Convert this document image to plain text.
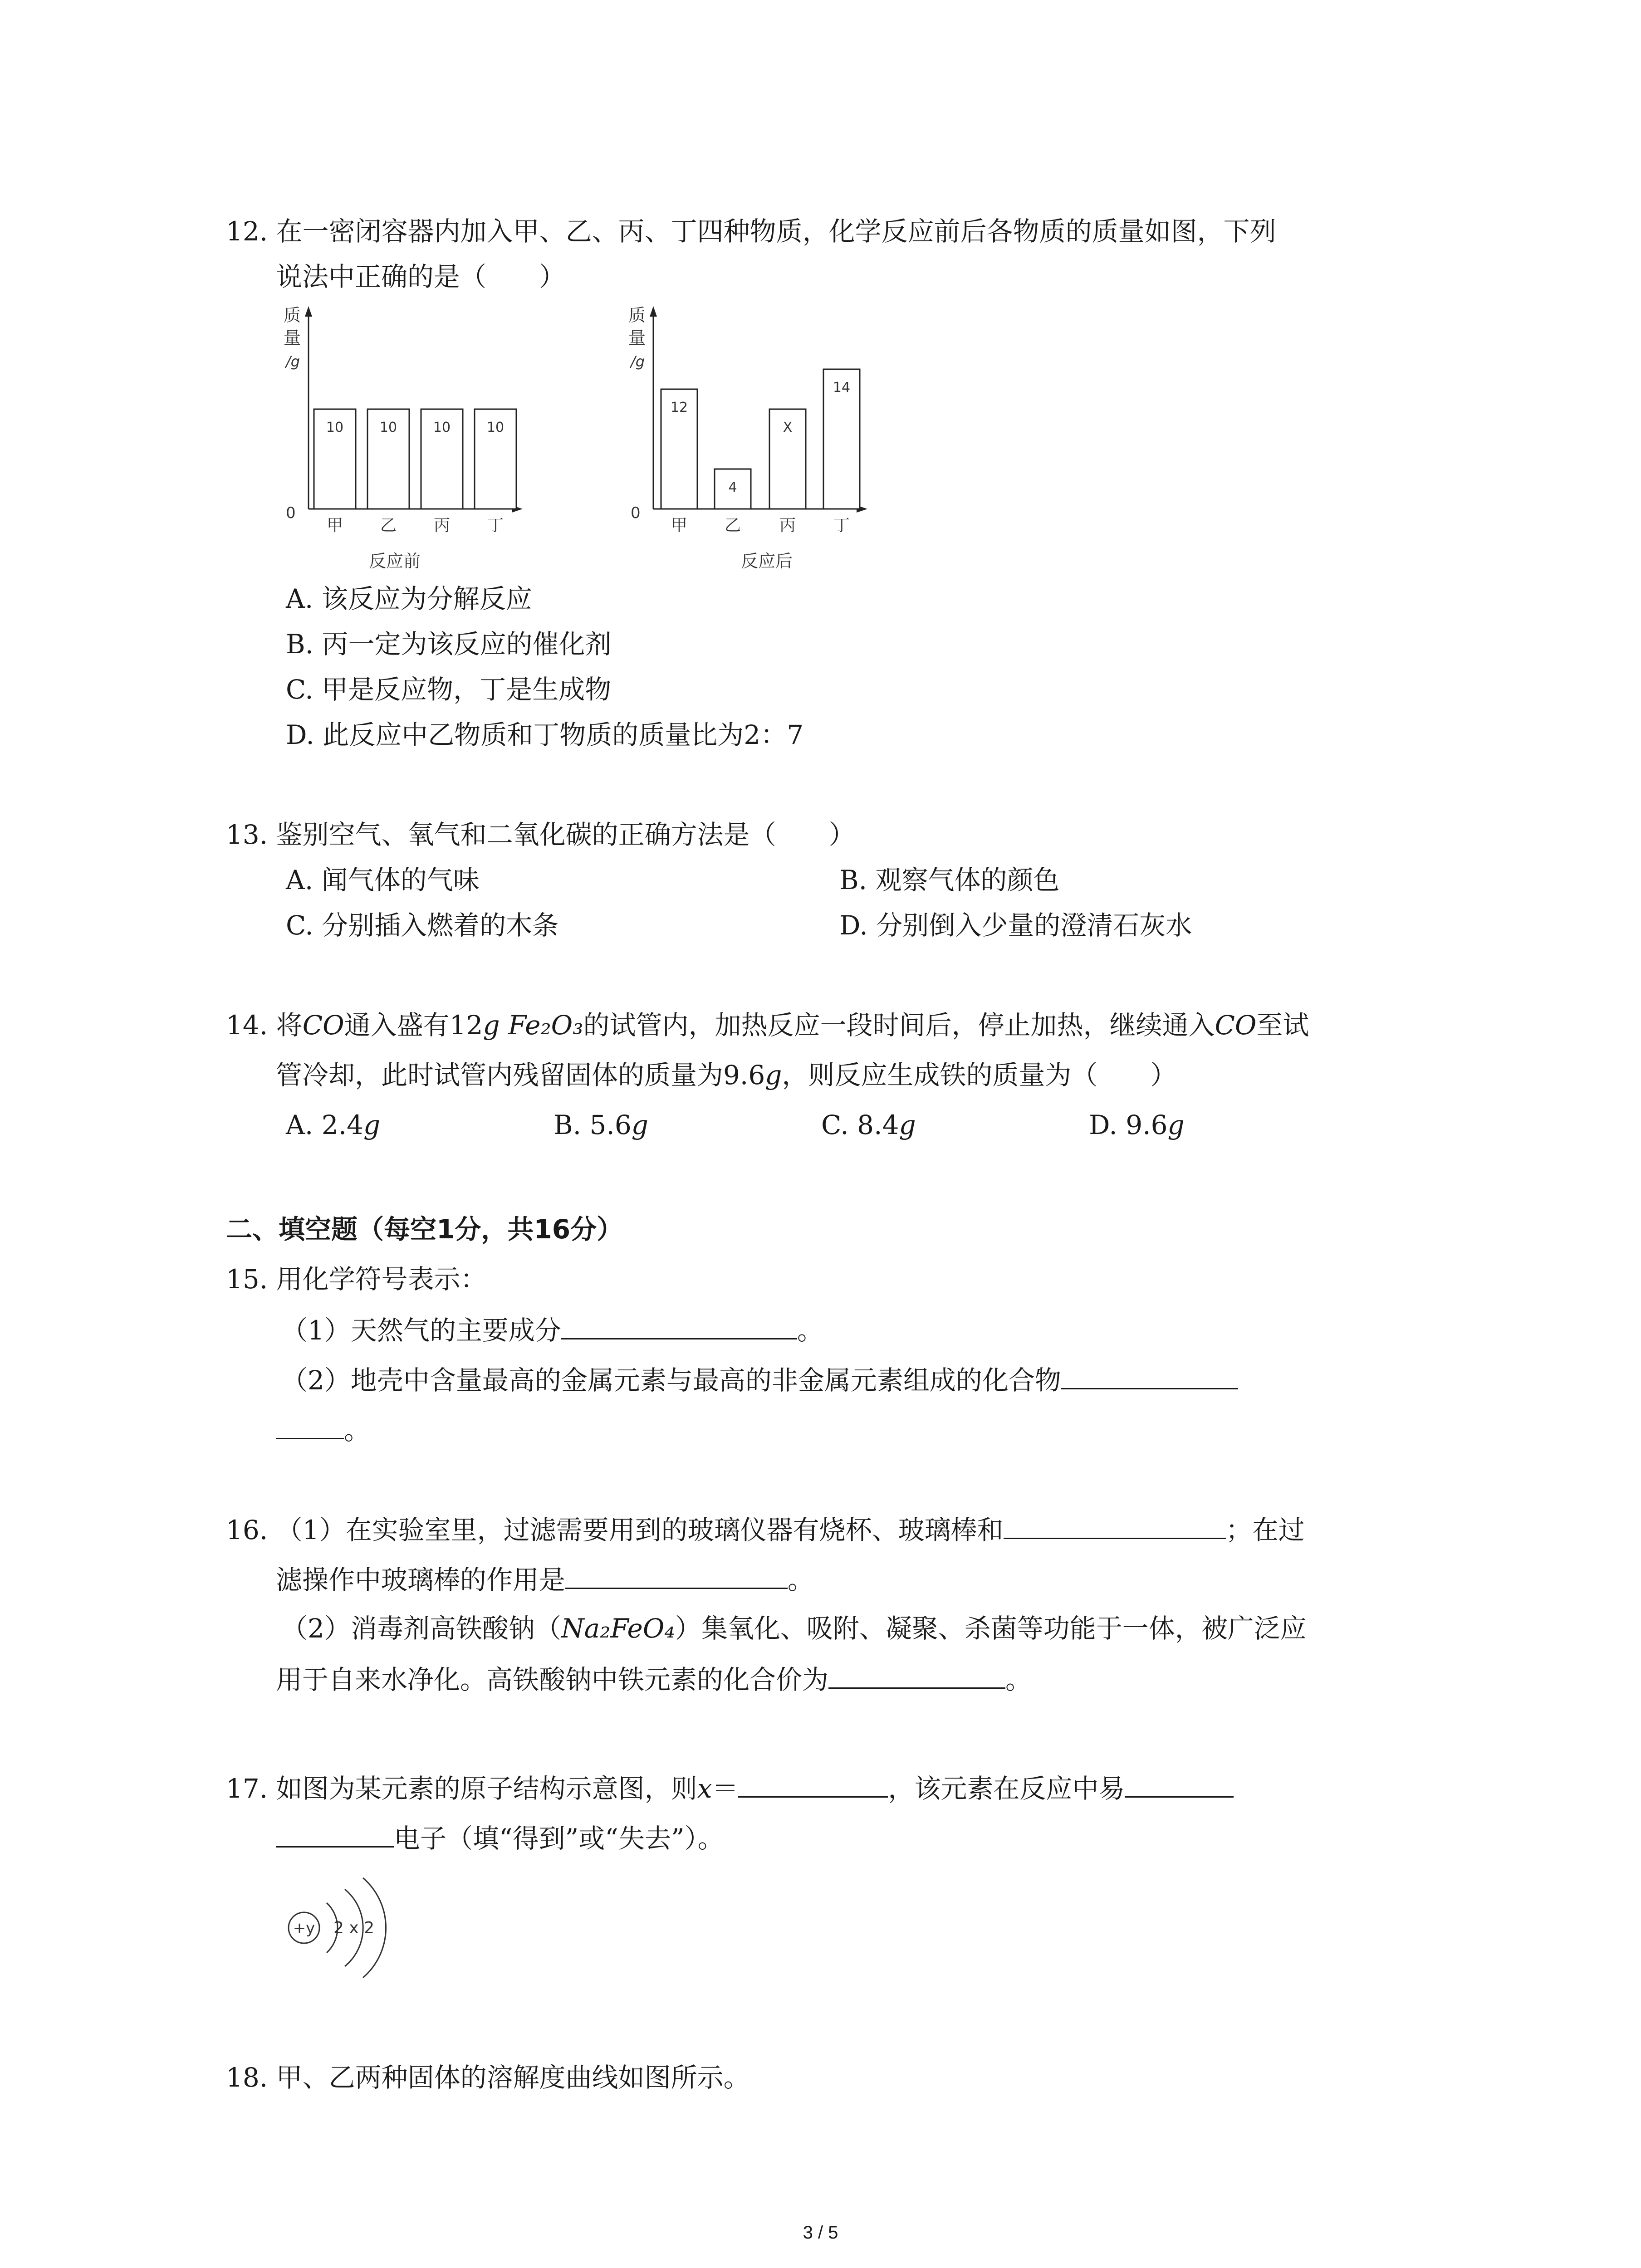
12. 在一密闭容器内加入甲、乙、丙、丁四种物质，化学反应前后各物质的质量如图，下列
说法中正确的是（　　）
质
量
/g
0
10
甲
10
乙
10
丙
10
丁
反应前
质
量
/g
0
12
甲
4
乙
X
丙
14
丁
反应后
A. 该反应为分解反应
B. 丙一定为该反应的催化剂
C. 甲是反应物，丁是生成物
D. 此反应中乙物质和丁物质的质量比为2：7
13. 鉴别空气、氧气和二氧化碳的正确方法是（　　）
A. 闻气体的气味	B. 观察气体的颜色
C. 分别插入燃着的木条	D. 分别倒入少量的澄清石灰水
14. 将CO通入盛有12g Fe₂O₃的试管内，加热反应一段时间后，停止加热，继续通入CO至试
管冷却，此时试管内残留固体的质量为9.6g，则反应生成铁的质量为（　　）
A. 2.4g	B. 5.6g	C. 8.4g	D. 9.6g
二、填空题（每空1分，共16分）
15. 用化学符号表示：
（1）天然气的主要成分	。
（2）地壳中含量最高的金属元素与最高的非金属元素组成的化合物
。
16. （1）在实验室里，过滤需要用到的玻璃仪器有烧杯、玻璃棒和	；在过
滤操作中玻璃棒的作用是	。
（2）消毒剂高铁酸钠（Na₂FeO₄）集氧化、吸附、凝聚、杀菌等功能于一体，被广泛应
用于自来水净化。高铁酸钠中铁元素的化合价为	。
17. 如图为某元素的原子结构示意图，则x＝	，该元素在反应中易
电子（填“得到”或“失去”）。
+y 2 x 2
18. 甲、乙两种固体的溶解度曲线如图所示。
3 / 5
